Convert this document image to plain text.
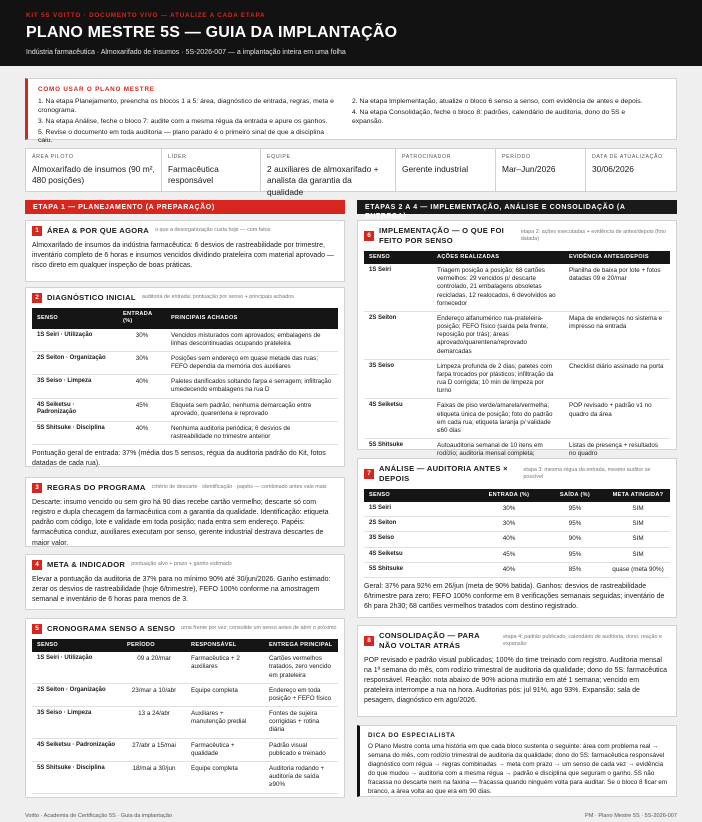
KIT 5S VOITTO · DOCUMENTO VIVO — ATUALIZE A CADA ETAPA
PLANO MESTRE 5S — GUIA DA IMPLANTAÇÃO
Indústria farmacêutica · Almoxarifado de insumos · 5S-2026-007 — a implantação inteira em uma folha
COMO USAR O PLANO MESTRE

1. Na etapa Planejamento, preencha os blocos 1 a 5: área, diagnóstico de entrada, regras, meta e cronograma.

3. Na etapa Análise, feche o bloco 7: audite com a mesma régua da entrada e apure os ganhos.

5. Revise o documento em toda auditoria — plano parado é o primeiro sinal de que a disciplina caiu.

2. Na etapa Implementação, atualize o bloco 6 senso a senso, com evidência de antes e depois.

4. Na etapa Consolidação, feche o bloco 8: padrões, calendário de auditoria, dono do 5S e expansão.

ÁREA PILOTO
Almoxarifado de insumos (90 m², 480 posições)
LÍDER
Farmacêutica responsável
EQUIPE
2 auxiliares de almoxarifado + analista da garantia da qualidade
PATROCINADOR
Gerente industrial
PERÍODO
Mar–Jun/2026
DATA DE ATUALIZAÇÃO
30/06/2026
ETAPA 1 — PLANEJAMENTO (A PREPARAÇÃO)	ETAPAS 2 A 4 — IMPLEMENTAÇÃO, ANÁLISE E CONSOLIDAÇÃO (A ENTREGA)
1	ÁREA & POR QUE AGORA o que a desorganização custa hoje — com fatos
Almoxarifado de insumos da indústria farmacêutica: 6 desvios de rastreabilidade por trimestre, inventário completo de 6 horas e insumos vencidos dividindo prateleira com material aprovado — risco direto em qualquer inspeção de boas práticas.
2	DIAGNÓSTICO INICIAL auditoria de entrada: pontuação por senso + principais achados
SENSO	ENTRADA (%)	PRINCIPAIS ACHADOS
1S Seiri · Utilização	30%	Vencidos misturados com aprovados; embalagens de linhas descontinuadas ocupando prateleira
2S Seiton · Organização	30%	Posições sem endereço em quase metade das ruas; FEFO dependia da memória dos auxiliares
3S Seiso · Limpeza	40%	Paletes danificados soltando farpa e serragem; infiltração umedecendo embalagens na rua D
4S Seiketsu · Padronização	45%	Etiqueta sem padrão; nenhuma demarcação entre aprovado, quarentena e reprovado
5S Shitsuke · Disciplina	40%	Nenhuma auditoria periódica; 6 desvios de rastreabilidade no trimestre anterior
Pontuação geral de entrada: 37% (média dos 5 sensos, régua da auditoria padrão do Kit, fotos datadas de cada rua).
3	REGRAS DO PROGRAMA critério de descarte · identificação · papéis — combinado antes vale mais
Descarte: insumo vencido ou sem giro há 90 dias recebe cartão vermelho; descarte só com registro e dupla checagem da farmacêutica com a garantia da qualidade. Identificação: etiqueta padrão com código, lote e validade em toda posição; nada entra sem endereço. Papéis: farmacêutica conduz, auxiliares executam por senso, gerente industrial destrava descartes de maior valor.
4	META & INDICADOR pontuação alvo + prazo + ganho estimado
Elevar a pontuação da auditoria de 37% para no mínimo 90% até 30/jun/2026. Ganho estimado: zerar os desvios de rastreabilidade (hoje 6/trimestre), FEFO 100% conforme na amostragem semanal e inventário de 6 horas para menos de 3.
5	CRONOGRAMA SENSO A SENSO uma frente por vez; consolide um senso antes de abrir o próximo
SENSO	PERÍODO	RESPONSÁVEL	ENTREGA PRINCIPAL
1S Seiri · Utilização	09 a 20/mar	Farmacêutica + 2 auxiliares	Cartões vermelhos tratados, zero vencido em prateleira
2S Seiton · Organização	23/mar a 10/abr	Equipe completa	Endereço em toda posição + FEFO físico
3S Seiso · Limpeza	13 a 24/abr	Auxiliares + manutenção predial	Fontes de sujeira corrigidas + rotina diária
4S Seiketsu · Padronização	27/abr a 15/mai	Farmacêutica + qualidade	Padrão visual publicado e treinado
5S Shitsuke · Disciplina	18/mai a 30/jun	Equipe completa	Auditoria rodando + auditoria de saída ≥90%
6
IMPLEMENTAÇÃO — O QUE FOI FEITO POR SENSO
etapa 2: ações executadas + evidência de antes/depois (foto datada)
SENSO	AÇÕES REALIZADAS	EVIDÊNCIA ANTES/DEPOIS
1S Seiri	Triagem posição a posição; 68 cartões vermelhos: 29 vencidos p/ descarte controlado, 21 embalagens obsoletas recicladas, 12 realocados, 6 devolvidos ao fornecedor	Planilha de baixa por lote + fotos datadas 09 e 20/mar
2S Seiton	Endereço alfanumérico rua-prateleira-posição; FEFO físico (saída pela frente, reposição por trás); áreas aprovado/quarentena/reprovado demarcadas	Mapa de endereços no sistema e impresso na entrada
3S Seiso	Limpeza profunda de 2 dias; paletes com farpa trocados por plásticos; infiltração da rua D corrigida; 10 min de limpeza por turno	Checklist diário assinado na porta
4S Seiketsu	Faixas de piso verde/amarela/vermelha; etiqueta única de posição; foto do padrão em cada rua; etiqueta laranja p/ validade ≤60 dias	POP revisado + padrão v1 no quadro da área
5S Shitsuke	Autoauditoria semanal de 10 itens em rodízio; auditoria mensal completa;	Listas de presença + resultados no quadro
7
ANÁLISE — AUDITORIA ANTES × DEPOIS
etapa 3: mesma régua da entrada, mesmo auditor se possível
SENSO	ENTRADA (%)	SAÍDA (%)	META ATINGIDA?
1S Seiri	30%	95%	SIM
2S Seiton	30%	95%	SIM
3S Seiso	40%	90%	SIM
4S Seiketsu	45%	95%	SIM
5S Shitsuke	40%	85%	quase (meta 90%)
Geral: 37% para 92% em 26/jun (meta de 90% batida). Ganhos: desvios de rastreabilidade 6/trimestre para zero; FEFO 100% conforme em 8 verificações semanais seguidas; inventário de 6h para 2h30; 68 cartões vermelhos tratados com destino registrado.
8
CONSOLIDAÇÃO — PARA NÃO VOLTAR ATRÁS
etapa 4: padrão publicado, calendário de auditoria, dono, reação e expansão
POP revisado e padrão visual publicados; 100% do time treinado com registro. Auditoria mensal na 1ª semana do mês, com rodízio trimestral de auditoria da qualidade; dono do 5S: farmacêutica responsável. Reação: nota abaixo de 90% aciona mutirão em até 1 semana; vencido em prateleira interrompe a rua na hora. Auditorias pós: jul 91%, ago 93%. Expansão: sala de pesagem, diagnóstico em ago/2026.
DICA DO ESPECIALISTA
O Plano Mestre conta uma história em que cada bloco sustenta o seguinte: área com problema real → semana do mês, com rodízio trimestral de auditoria da qualidade; dono do 5S: farmacêutica responsável diagnóstico com régua → regras combinadas → meta com prazo → um senso de cada vez → evidência do que mudou → auditoria com a mesma régua → padrão e disciplina que seguram o ganho. 5S não fracassa no descarte nem na faxina — fracassa quando ninguém volta para auditar. Se o bloco 8 ficar em branco, a área volta ao que era em 90 dias.
Voitto · Academia de Certificação 5S · Guia da implantação	PM · Plano Mestre 5S · 5S-2026-007
